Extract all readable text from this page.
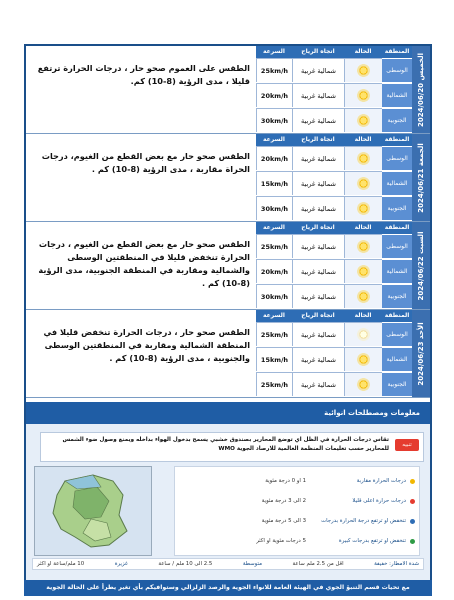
الخميس 2024/06/20
المنطقة
الحالة
اتجاه الرياح
السرعة
الوسطى
شمالية غربية
25km/h
الشمالية
شمالية غربية
20km/h
الجنوبية
شمالية غربية
30km/h
الطقس على العموم صحو حار ، درجات الحرارة ترتفع قليلا ، مدى الرؤية (8-10) كم.
الجمعة 2024/06/21
المنطقة
الحالة
اتجاه الرياح
السرعة
الوسطى
شمالية غربية
20km/h
الشمالية
شمالية غربية
15km/h
الجنوبية
شمالية غربية
30km/h
الطقس صحو حار مع بعض القطع من الغيوم، درجات الحراة مقاربة ، مدى الرؤية (8-10) كم .
السبت 2024/06/22
المنطقة
الحالة
اتجاه الرياح
السرعة
الوسطى
شمالية غربية
25km/h
الشمالية
شمالية غربية
20km/h
الجنوبية
شمالية غربية
30km/h
الطقس صحو حار مع بعض القطع من الغيوم ، درجات الحرارة تنخفض قليلا في المنطقتين الوسطى والشمالية ومقاربة في المنطقة الجنوبية، مدى الرؤية (8-10) كم .
الأحد 2024/06/23
المنطقة
الحالة
اتجاه الرياح
السرعة
الوسطى
شمالية غربية
25km/h
الشمالية
شمالية غربية
15km/h
الجنوبية
شمالية غربية
25km/h
الطقس صحو حار ، درجات الحرارة تنخفض قليلا في المنطقة الشمالية ومقاربة في المنطقتين الوسطى والجنوبية ، مدى الرؤية (8-10) كم .
معلومات ومصطلحات انوائية
تنبيه
تقاس درجات الحرارة في الظل اي توضع المحارير بصندوق خشبي يسمح بدخول الهواء بداخله ويمنع وصول ضوء الشمس للمحارير حسب تعليمات المنظمة العالمية للارصاد الجوية WMO
درجات الحرارة مقاربة
1 او 0 درجة مئوية
درجات حرارة اعلى قليلا
2 الى 3 درجة مئوية
تنخفض او ترتفع درجة الحرارة بدرجات
3 الى 5 درجة مئوية
تنخفض او ترتفع بدرجات كبيرة
5 درجات مئوية او اكثر
شدة الامطار: خفيفة
اقل من 2.5 ملم ساعة
متوسطة
2.5 الى 10 ملم / ساعة
غزيرة
10 ملم/ساعة او اكثر
مع تحيات قسم التنبؤ الجوي في الهيئة العامة للانواء الجوية والرصد الزلزالي وستوافيكم بأي تغير يطرأ على الحالة الجوية
